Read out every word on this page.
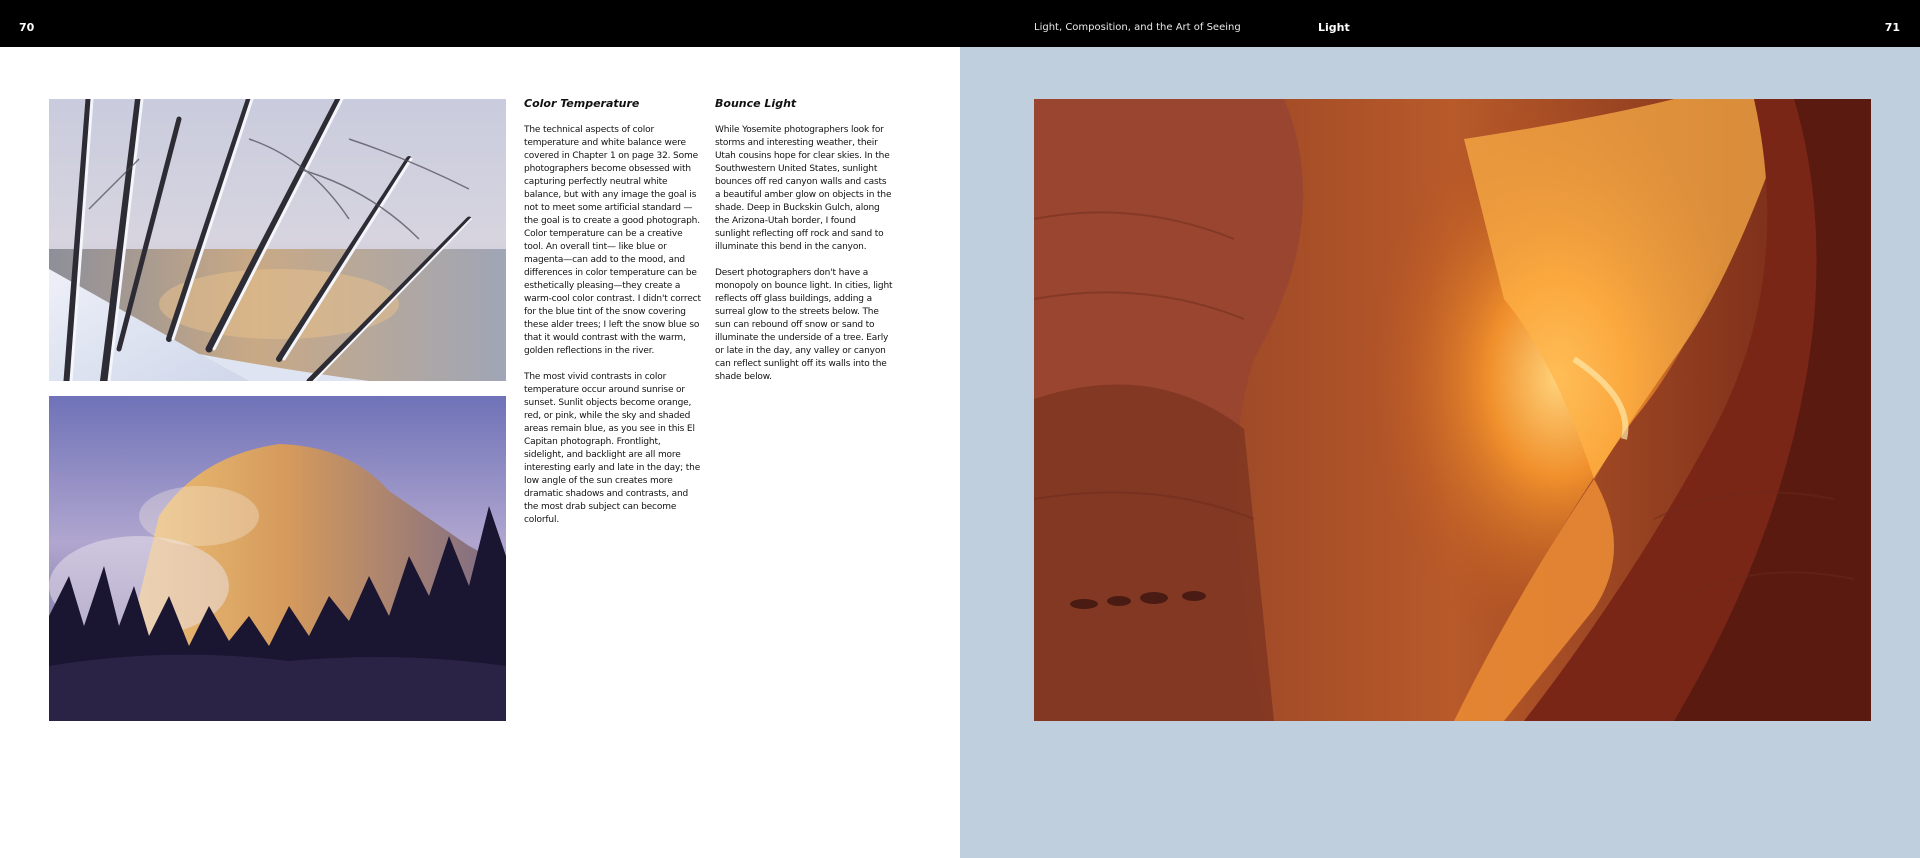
70	Light, Composition, and the Art of Seeing	Light	71
Color Temperature

The technical aspects of color temperature and white balance were covered in Chapter 1 on page 32. Some photographers become obsessed with capturing perfectly neutral white balance, but with any image the goal is not to meet some artificial standard —the goal is to create a good photograph. Color temperature can be a creative tool. An overall tint— like blue or magenta—can add to the mood, and differences in color temperature can be esthetically pleasing—they create a warm-cool color contrast. I didn't correct for the blue tint of the snow covering these alder trees; I left the snow blue so that it would contrast with the warm, golden reflections in the river.

The most vivid contrasts in color temperature occur around sunrise or sunset. Sunlit objects become orange, red, or pink, while the sky and shaded areas remain blue, as you see in this El Capitan photograph. Frontlight, sidelight, and backlight are all more interesting early and late in the day; the low angle of the sun creates more dramatic shadows and contrasts, and the most drab subject can become colorful.

Bounce Light

While Yosemite photographers look for storms and interesting weather, their Utah cousins hope for clear skies. In the Southwestern United States, sunlight bounces off red canyon walls and casts a beautiful amber glow on objects in the shade. Deep in Buckskin Gulch, along the Arizona-Utah border, I found sunlight reflecting off rock and sand to illuminate this bend in the canyon.

Desert photographers don't have a monopoly on bounce light. In cities, light reflects off glass buildings, adding a surreal glow to the streets below. The sun can rebound off snow or sand to illuminate the underside of a tree. Early or late in the day, any valley or canyon can reflect sunlight off its walls into the shade below.
